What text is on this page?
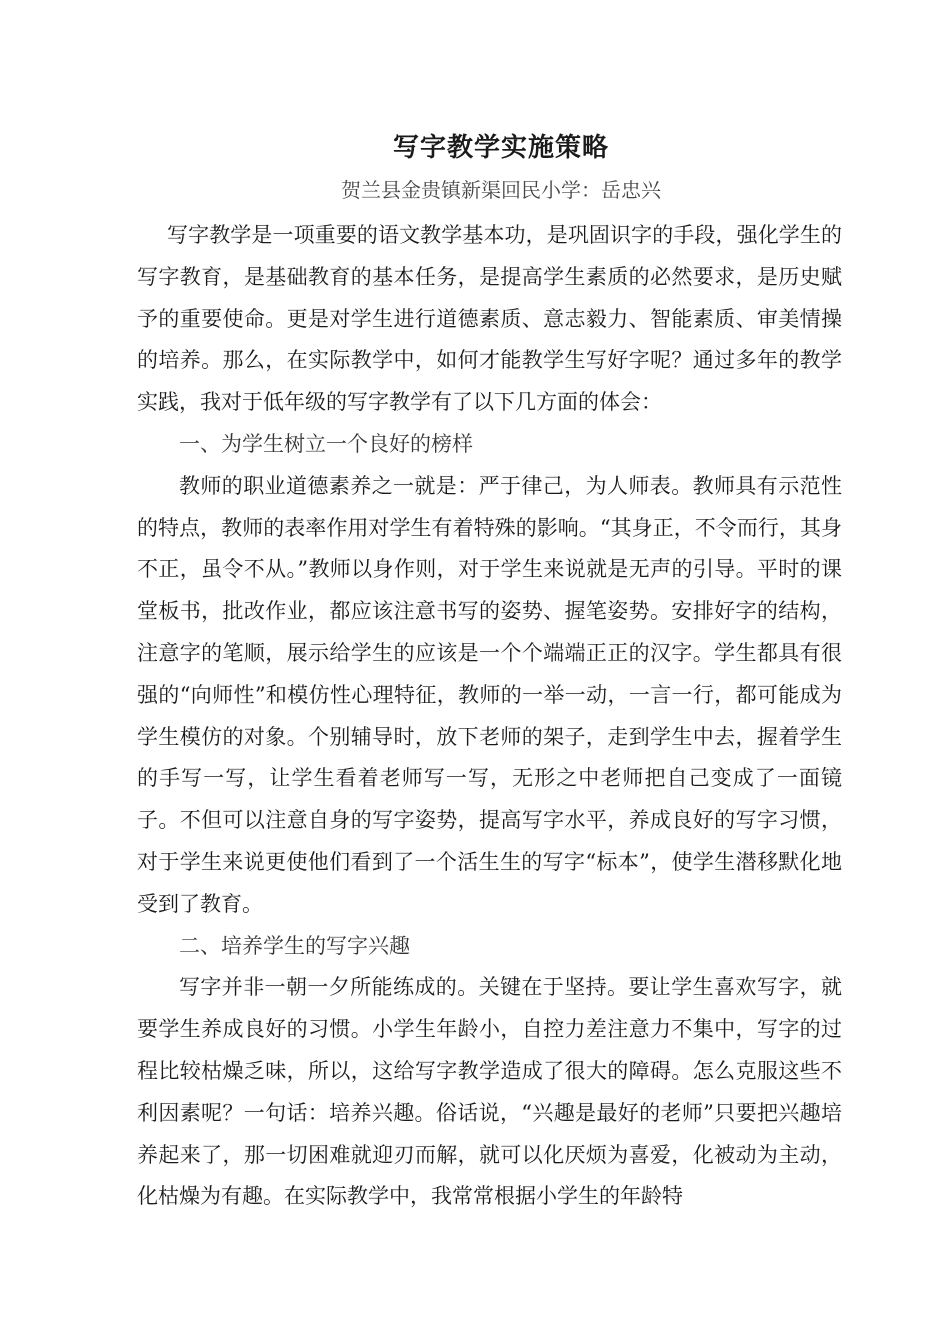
写字教学实施策略
贺兰县金贵镇新渠回民小学：岳忠兴

写字教学是一项重要的语文教学基本功，是巩固识字的手段，强化学生的写字教育，是基础教育的基本任务，是提高学生素质的必然要求，是历史赋予的重要使命。更是对学生进行道德素质、意志毅力、智能素质、审美情操的培养。那么，在实际教学中，如何才能教学生写好字呢？通过多年的教学实践，我对于低年级的写字教学有了以下几方面的体会：

一、为学生树立一个良好的榜样

教师的职业道德素养之一就是：严于律己，为人师表。教师具有示范性的特点，教师的表率作用对学生有着特殊的影响。“其身正，不令而行，其身不正，虽令不从。”教师以身作则，对于学生来说就是无声的引导。平时的课堂板书，批改作业，都应该注意书写的姿势、握笔姿势。安排好字的结构，注意字的笔顺，展示给学生的应该是一个个端端正正的汉字。学生都具有很强的“向师性”和模仿性心理特征，教师的一举一动，一言一行，都可能成为学生模仿的对象。个别辅导时，放下老师的架子，走到学生中去，握着学生的手写一写，让学生看着老师写一写，无形之中老师把自己变成了一面镜子。不但可以注意自身的写字姿势，提高写字水平，养成良好的写字习惯，对于学生来说更使他们看到了一个活生生的写字“标本”，使学生潜移默化地受到了教育。

二、培养学生的写字兴趣

写字并非一朝一夕所能练成的。关键在于坚持。要让学生喜欢写字，就要学生养成良好的习惯。小学生年龄小，自控力差注意力不集中，写字的过程比较枯燥乏味，所以，这给写字教学造成了很大的障碍。怎么克服这些不利因素呢？一句话：培养兴趣。俗话说，“兴趣是最好的老师”只要把兴趣培养起来了，那一切困难就迎刃而解，就可以化厌烦为喜爱，化被动为主动，化枯燥为有趣。在实际教学中，我常常根据小学生的年龄特
